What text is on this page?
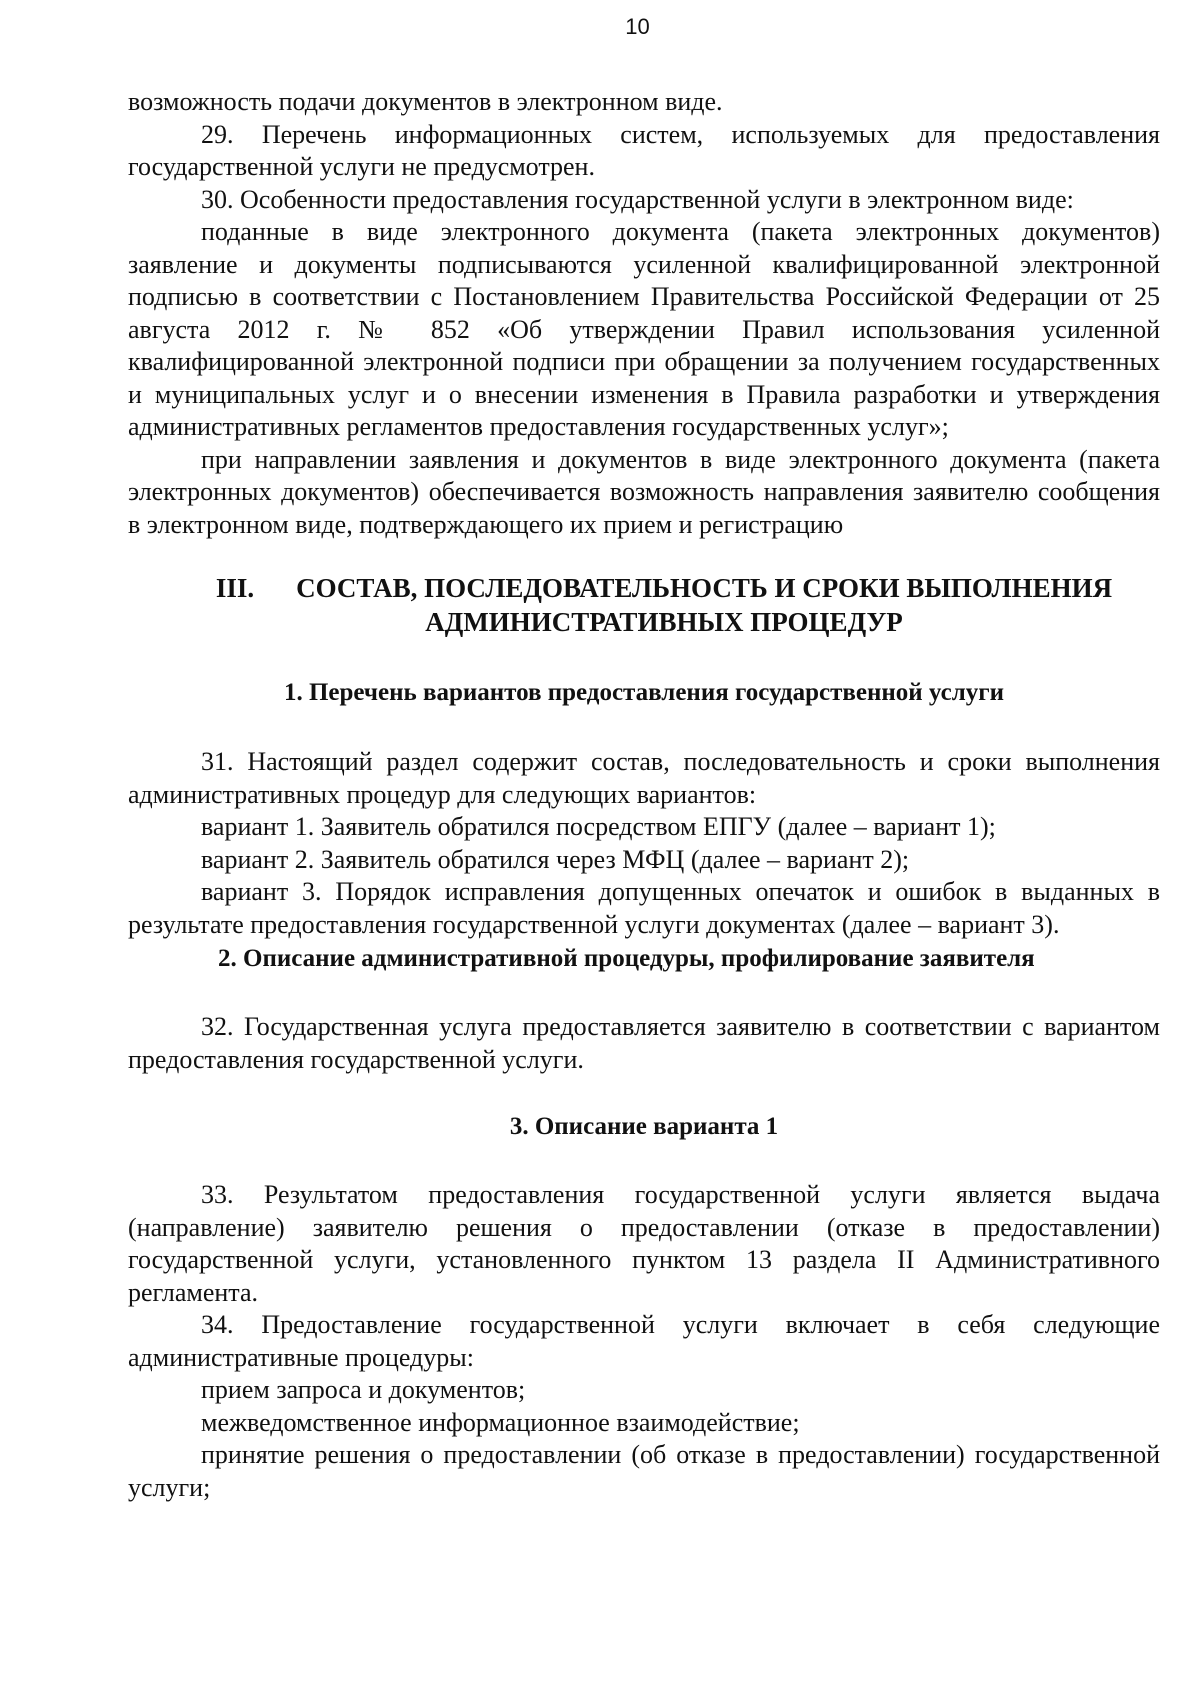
10

возможность подачи документов в электронном виде.

29. Перечень информационных систем, используемых для предоставления государственной услуги не предусмотрен.

30. Особенности предоставления государственной услуги в электронном виде:

поданные в виде электронного документа (пакета электронных документов) заявление и документы подписываются усиленной квалифицированной электронной подписью в соответствии с Постановлением Правительства Российской Федерации от 25 августа 2012 г. № 852 «Об утверждении Правил использования усиленной квалифицированной электронной подписи при обращении за получением государственных и муниципальных услуг и о внесении изменения в Правила разработки и утверждения административных регламентов предоставления государственных услуг»;

при направлении заявления и документов в виде электронного документа (пакета электронных документов) обеспечивается возможность направления заявителю сообщения в электронном виде, подтверждающего их прием и регистрацию

III. СОСТАВ, ПОСЛЕДОВАТЕЛЬНОСТЬ И СРОКИ ВЫПОЛНЕНИЯ
АДМИНИСТРАТИВНЫХ ПРОЦЕДУР
1. Перечень вариантов предоставления государственной услуги

31. Настоящий раздел содержит состав, последовательность и сроки выполнения административных процедур для следующих вариантов:

вариант 1. Заявитель обратился посредством ЕПГУ (далее – вариант 1);

вариант 2. Заявитель обратился через МФЦ (далее – вариант 2);

вариант 3. Порядок исправления допущенных опечаток и ошибок в выданных в результате предоставления государственной услуги документах (далее – вариант 3).

2. Описание административной процедуры, профилирование заявителя

32. Государственная услуга предоставляется заявителю в соответствии с вариантом предоставления государственной услуги.

3. Описание варианта 1

33. Результатом предоставления государственной услуги является выдача (направление) заявителю решения о предоставлении (отказе в предоставлении) государственной услуги, установленного пунктом 13 раздела II Административного регламента.

34. Предоставление государственной услуги включает в себя следующие административные процедуры:

прием запроса и документов;

межведомственное информационное взаимодействие;

принятие решения о предоставлении (об отказе в предоставлении) государственной услуги;
